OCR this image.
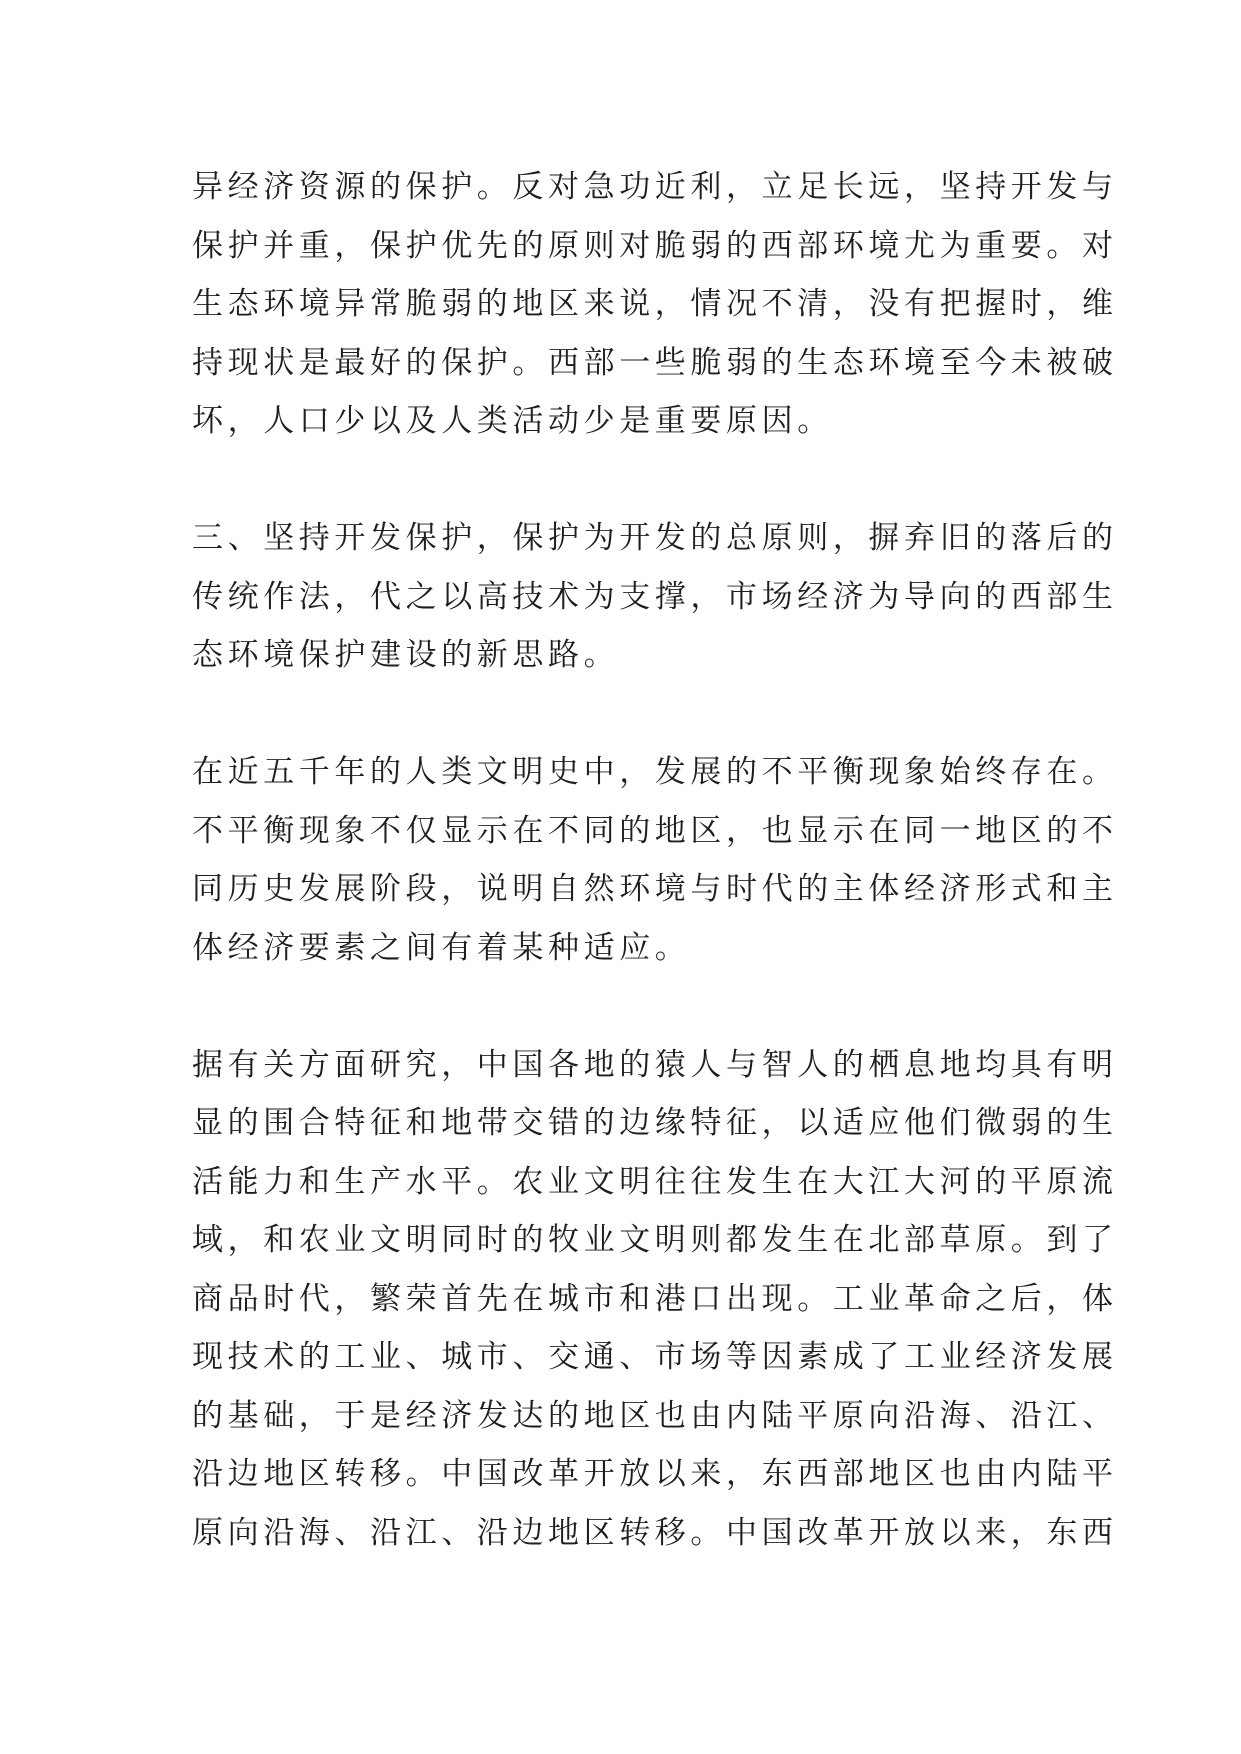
异经济资源的保护。反对急功近利，立足长远，坚持开发与
保护并重，保护优先的原则对脆弱的西部环境尤为重要。对
生态环境异常脆弱的地区来说，情况不清，没有把握时，维
持现状是最好的保护。西部一些脆弱的生态环境至今未被破
坏，人口少以及人类活动少是重要原因。
三、坚持开发保护，保护为开发的总原则，摒弃旧的落后的
传统作法，代之以高技术为支撑，市场经济为导向的西部生
态环境保护建设的新思路。
在近五千年的人类文明史中，发展的不平衡现象始终存在。
不平衡现象不仅显示在不同的地区，也显示在同一地区的不
同历史发展阶段，说明自然环境与时代的主体经济形式和主
体经济要素之间有着某种适应。
据有关方面研究，中国各地的猿人与智人的栖息地均具有明
显的围合特征和地带交错的边缘特征，以适应他们微弱的生
活能力和生产水平。农业文明往往发生在大江大河的平原流
域，和农业文明同时的牧业文明则都发生在北部草原。到了
商品时代，繁荣首先在城市和港口出现。工业革命之后，体
现技术的工业、城市、交通、市场等因素成了工业经济发展
的基础，于是经济发达的地区也由内陆平原向沿海、沿江、
沿边地区转移。中国改革开放以来，东西部地区也由内陆平
原向沿海、沿江、沿边地区转移。中国改革开放以来，东西
